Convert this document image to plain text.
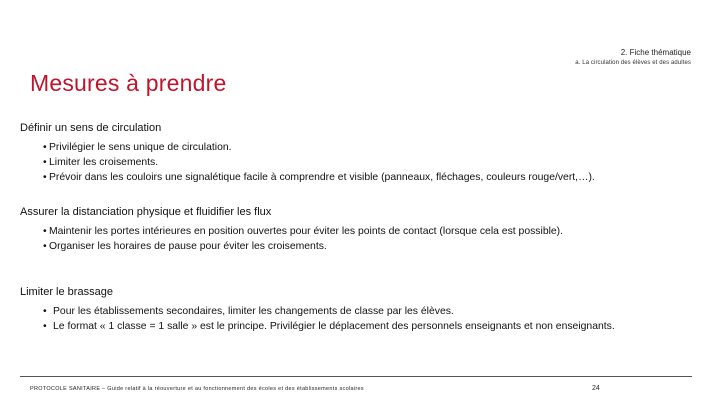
2. Fiche thématique
a. La circulation des élèves et des adultes
Mesures à prendre
Définir un sens de circulation
• Privilégier le sens unique de circulation.
• Limiter les croisements.
• Prévoir dans les couloirs une signalétique facile à comprendre et visible (panneaux, fléchages, couleurs rouge/vert,…).
Assurer la distanciation physique et fluidifier les flux
• Maintenir les portes intérieures en position ouvertes pour éviter les points de contact (lorsque cela est possible).
• Organiser les horaires de pause pour éviter les croisements.
Limiter le brassage
• Pour les établissements secondaires, limiter les changements de classe par les élèves.
• Le format « 1 classe = 1 salle » est le principe. Privilégier le déplacement des personnels enseignants et non enseignants.
PROTOCOLE SANITAIRE – Guide relatif à la réouverture et au fonctionnement des écoles et des établissements scolaires	24
